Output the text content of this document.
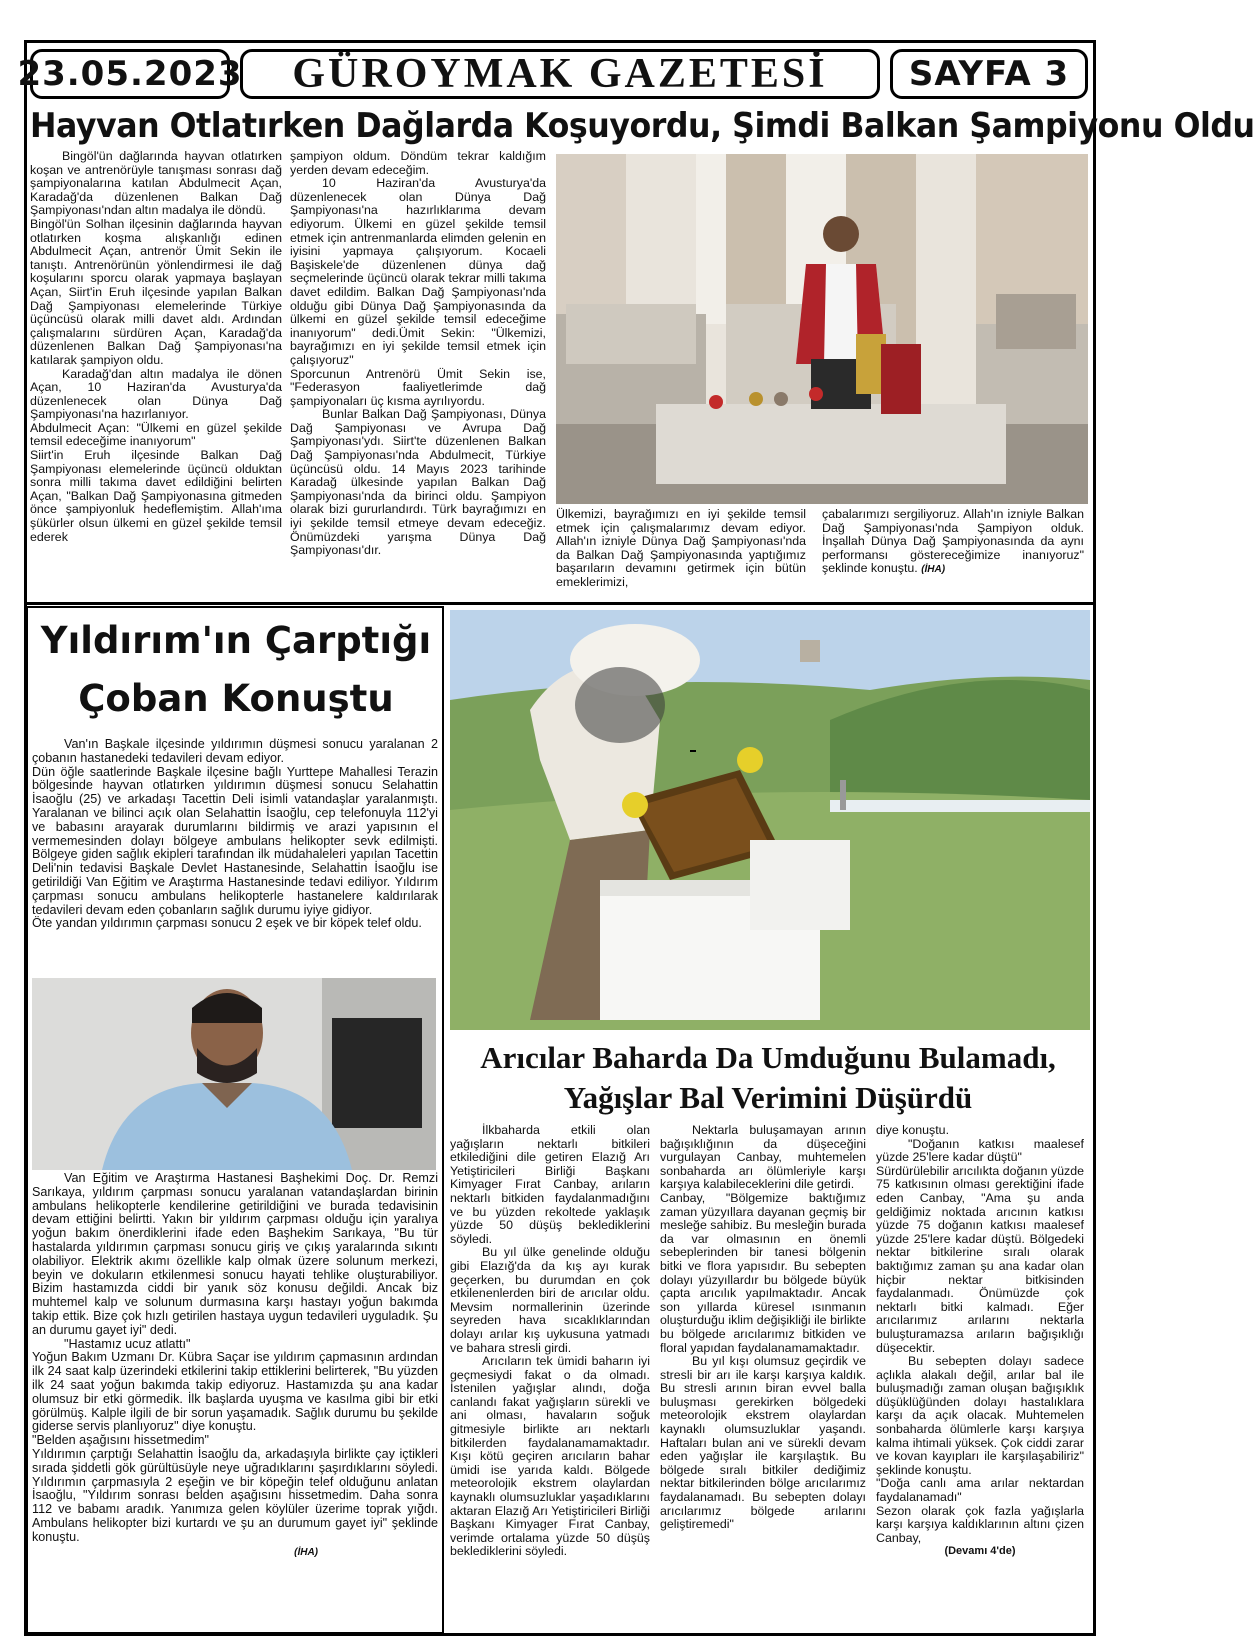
23.05.2023	GÜROYMAK GAZETESİ	SAYFA 3
Hayvan Otlatırken Dağlarda Koşuyordu, Şimdi Balkan Şampiyonu Oldu

Bingöl'ün dağlarında hayvan otlatırken koşan ve antrenörüyle tanışması sonrası dağ şampiyonalarına katılan Abdulmecit Açan, Karadağ'da düzenlenen Balkan Dağ Şampiyonası'ndan altın madalya ile döndü.

Bingöl'ün Solhan ilçesinin dağlarında hayvan otlatırken koşma alışkanlığı edinen Abdulmecit Açan, antrenör Ümit Sekin ile tanıştı. Antrenörünün yönlendirmesi ile dağ koşularını sporcu olarak yapmaya başlayan Açan, Siirt'in Eruh ilçesinde yapılan Balkan Dağ Şampiyonası elemelerinde Türkiye üçüncüsü olarak milli davet aldı. Ardından çalışmalarını sürdüren Açan, Karadağ'da düzenlenen Balkan Dağ Şampiyonası'na katılarak şampiyon oldu.

Karadağ'dan altın madalya ile dönen Açan, 10 Haziran'da Avusturya'da düzenlenecek olan Dünya Dağ Şampiyonası'na hazırlanıyor.

Abdulmecit Açan: "Ülkemi en güzel şekilde temsil edeceğime inanıyorum"

Siirt'in Eruh ilçesinde Balkan Dağ Şampiyonası elemelerinde üçüncü olduktan sonra milli takıma davet edildiğini belirten Açan, "Balkan Dağ Şampiyonasına gitmeden önce şampiyonluk hedeflemiştim. Allah'ıma şükürler olsun ülkemi en güzel şekilde temsil ederek

şampiyon oldum. Döndüm tekrar kaldığım yerden devam edeceğim.

10 Haziran'da Avusturya'da düzenlenecek olan Dünya Dağ Şampiyonası'na hazırlıklarıma devam ediyorum. Ülkemi en güzel şekilde temsil etmek için antrenmanlarda elimden gelenin en iyisini yapmaya çalışıyorum. Kocaeli Başiskele'de düzenlenen dünya dağ seçmelerinde üçüncü olarak tekrar milli takıma davet edildim. Balkan Dağ Şampiyonası'nda olduğu gibi Dünya Dağ Şampiyonasında da ülkemi en güzel şekilde temsil edeceğime inanıyorum" dedi.Ümit Sekin: "Ülkemizi, bayrağımızı en iyi şekilde temsil etmek için çalışıyoruz"

Sporcunun Antrenörü Ümit Sekin ise, "Federasyon faaliyetlerimde dağ şampiyonaları üç kısma ayrılıyordu.

Bunlar Balkan Dağ Şampiyonası, Dünya Dağ Şampiyonası ve Avrupa Dağ Şampiyonası'ydı. Siirt'te düzenlenen Balkan Dağ Şampiyonası'nda Abdulmecit, Türkiye üçüncüsü oldu. 14 Mayıs 2023 tarihinde Karadağ ülkesinde yapılan Balkan Dağ Şampiyonası'nda da birinci oldu. Şampiyon olarak bizi gururlandırdı. Türk bayrağımızı en iyi şekilde temsil etmeye devam edeceğiz. Önümüzdeki yarışma Dünya Dağ Şampiyonası'dır.

Ülkemizi, bayrağımızı en iyi şekilde temsil etmek için çalışmalarımız devam ediyor. Allah'ın izniyle Dünya Dağ Şampiyonası'nda da Balkan Dağ Şampiyonasında yaptığımız başarıların devamını getirmek için bütün emeklerimizi,
çabalarımızı sergiliyoruz. Allah'ın izniyle Balkan Dağ Şampiyonası'nda Şampiyon olduk. İnşallah Dünya Dağ Şampiyonasında da aynı performansı göstereceğimize inanıyoruz" şeklinde konuştu. (İHA)
Yıldırım'ın Çarptığı
Çoban Konuştu

Van'ın Başkale ilçesinde yıldırımın düşmesi sonucu yaralanan 2 çobanın hastanedeki tedavileri devam ediyor.

Dün öğle saatlerinde Başkale ilçesine bağlı Yurttepe Mahallesi Terazin bölgesinde hayvan otlatırken yıldırımın düşmesi sonucu Selahattin İsaoğlu (25) ve arkadaşı Tacettin Deli isimli vatandaşlar yaralanmıştı. Yaralanan ve bilinci açık olan Selahattin İsaoğlu, cep telefonuyla 112'yi ve babasını arayarak durumlarını bildirmiş ve arazi yapısının el vermemesinden dolayı bölgeye ambulans helikopter sevk edilmişti. Bölgeye giden sağlık ekipleri tarafından ilk müdahaleleri yapılan Tacettin Deli'nin tedavisi Başkale Devlet Hastanesinde, Selahattin İsaoğlu ise getirildiği Van Eğitim ve Araştırma Hastanesinde tedavi ediliyor. Yıldırım çarpması sonucu ambulans helikopterle hastanelere kaldırılarak tedavileri devam eden çobanların sağlık durumu iyiye gidiyor.

Öte yandan yıldırımın çarpması sonucu 2 eşek ve bir köpek telef oldu.

Van Eğitim ve Araştırma Hastanesi Başhekimi Doç. Dr. Remzi Sarıkaya, yıldırım çarpması sonucu yaralanan vatandaşlardan birinin ambulans helikopterle kendilerine getirildiğini ve burada tedavisinin devam ettiğini belirtti. Yakın bir yıldırım çarpması olduğu için yaralıya yoğun bakım önerdiklerini ifade eden Başhekim Sarıkaya, "Bu tür hastalarda yıldırımın çarpması sonucu giriş ve çıkış yaralarında sıkıntı olabiliyor. Elektrik akımı özellikle kalp olmak üzere solunum merkezi, beyin ve dokuların etkilenmesi sonucu hayati tehlike oluşturabiliyor. Bizim hastamızda ciddi bir yanık söz konusu değildi. Ancak biz muhtemel kalp ve solunum durmasına karşı hastayı yoğun bakımda takip ettik. Bize çok hızlı getirilen hastaya uygun tedavileri uyguladık. Şu an durumu gayet iyi" dedi.

"Hastamız ucuz atlattı"

Yoğun Bakım Uzmanı Dr. Kübra Saçar ise yıldırım çapmasının ardından ilk 24 saat kalp üzerindeki etkilerini takip ettiklerini belirterek, "Bu yüzden ilk 24 saat yoğun bakımda takip ediyoruz. Hastamızda şu ana kadar olumsuz bir etki görmedik. İlk başlarda uyuşma ve kasılma gibi bir etki görülmüş. Kalple ilgili de bir sorun yaşamadık. Sağlık durumu bu şekilde giderse servis planlıyoruz" diye konuştu.

"Belden aşağısını hissetmedim"

Yıldırımın çarptığı Selahattin İsaoğlu da, arkadaşıyla birlikte çay içtikleri sırada şiddetli gök gürültüsüyle neye uğradıklarını şaşırdıklarını söyledi. Yıldırımın çarpmasıyla 2 eşeğin ve bir köpeğin telef olduğunu anlatan İsaoğlu, "Yıldırım sonrası belden aşağısını hissetmedim. Daha sonra 112 ve babamı aradık. Yanımıza gelen köylüler üzerime toprak yığdı. Ambulans helikopter bizi kurtardı ve şu an durumum gayet iyi" şeklinde konuştu.

(İHA)

Arıcılar Baharda Da Umduğunu Bulamadı,
Yağışlar Bal Verimini Düşürdü

İlkbaharda etkili olan yağışların nektarlı bitkileri etkilediğini dile getiren Elazığ Arı Yetiştiricileri Birliği Başkanı Kimyager Fırat Canbay, arıların nektarlı bitkiden faydalanmadığını ve bu yüzden rekoltede yaklaşık yüzde 50 düşüş beklediklerini söyledi.

Bu yıl ülke genelinde olduğu gibi Elazığ'da da kış ayı kurak geçerken, bu durumdan en çok etkilenenlerden biri de arıcılar oldu. Mevsim normallerinin üzerinde seyreden hava sıcaklıklarından dolayı arılar kış uykusuna yatmadı ve bahara stresli girdi.

Arıcıların tek ümidi baharın iyi geçmesiydi fakat o da olmadı. İstenilen yağışlar alındı, doğa canlandı fakat yağışların sürekli ve ani olması, havaların soğuk gitmesiyle birlikte arı nektarlı bitkilerden faydalanamamaktadır. Kışı kötü geçiren arıcıların bahar ümidi ise yarıda kaldı. Bölgede meteorolojik ekstrem olaylardan kaynaklı olumsuzluklar yaşadıklarını aktaran Elazığ Arı Yetiştiricileri Birliği Başkanı Kimyager Fırat Canbay, verimde ortalama yüzde 50 düşüş beklediklerini söyledi.

Nektarla buluşamayan arının bağışıklığının da düşeceğini vurgulayan Canbay, muhtemelen sonbaharda arı ölümleriyle karşı karşıya kalabileceklerini dile getirdi.

Canbay, "Bölgemize baktığımız zaman yüzyıllara dayanan geçmiş bir mesleğe sahibiz. Bu mesleğin burada da var olmasının en önemli sebeplerinden bir tanesi bölgenin bitki ve flora yapısıdır. Bu sebepten dolayı yüzyıllardır bu bölgede büyük çapta arıcılık yapılmaktadır. Ancak son yıllarda küresel ısınmanın oluşturduğu iklim değişikliği ile birlikte bu bölgede arıcılarımız bitkiden ve floral yapıdan faydalanamamaktadır.

Bu yıl kışı olumsuz geçirdik ve stresli bir arı ile karşı karşıya kaldık. Bu stresli arının biran evvel balla buluşması gerekirken bölgedeki meteorolojik ekstrem olaylardan kaynaklı olumsuzluklar yaşandı. Haftaları bulan ani ve sürekli devam eden yağışlar ile karşılaştık. Bu bölgede sıralı bitkiler dediğimiz nektar bitkilerinden bölge arıcılarımız faydalanamadı. Bu sebepten dolayı arıcılarımız bölgede arılarını geliştiremedi"

diye konuştu.

"Doğanın katkısı maalesef yüzde 25'lere kadar düştü"

Sürdürülebilir arıcılıkta doğanın yüzde 75 katkısının olması gerektiğini ifade eden Canbay, "Ama şu anda geldiğimiz noktada arıcının katkısı yüzde 75 doğanın katkısı maalesef yüzde 25'lere kadar düştü. Bölgedeki nektar bitkilerine sıralı olarak baktığımız zaman şu ana kadar olan hiçbir nektar bitkisinden faydalanmadı. Önümüzde çok nektarlı bitki kalmadı. Eğer arıcılarımız arılarını nektarla buluşturamazsa arıların bağışıklığı düşecektir.

Bu sebepten dolayı sadece açlıkla alakalı değil, arılar bal ile buluşmadığı zaman oluşan bağışıklık düşüklüğünden dolayı hastalıklara karşı da açık olacak. Muhtemelen sonbaharda ölümlerle karşı karşıya kalma ihtimali yüksek. Çok ciddi zarar ve kovan kayıpları ile karşılaşabiliriz" şeklinde konuştu.

"Doğa canlı ama arılar nektardan faydalanamadı"

Sezon olarak çok fazla yağışlarla karşı karşıya kaldıklarının altını çizen Canbay,

(Devamı 4'de)
